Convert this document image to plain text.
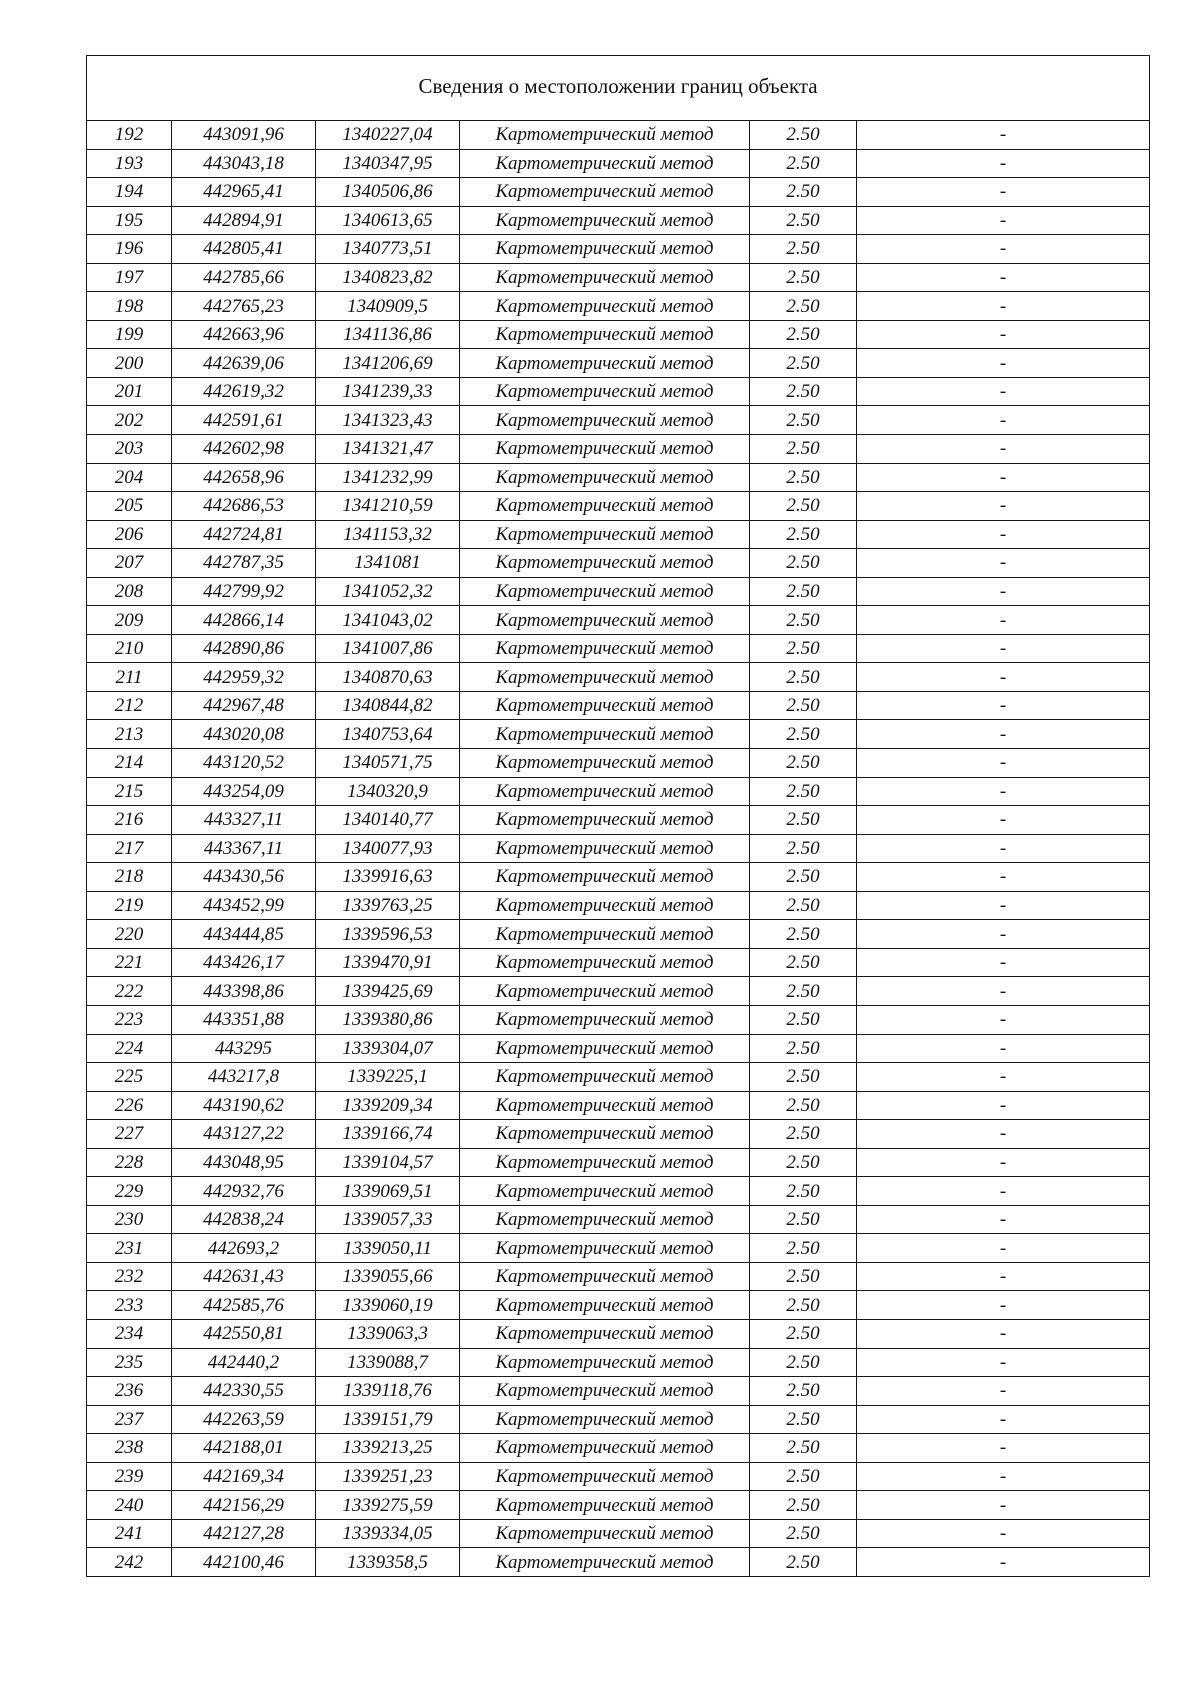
Сведения о местоположении границ объекта					
192	443091,96	1340227,04	Картометрический метод	2.50	-
193	443043,18	1340347,95	Картометрический метод	2.50	-
194	442965,41	1340506,86	Картометрический метод	2.50	-
195	442894,91	1340613,65	Картометрический метод	2.50	-
196	442805,41	1340773,51	Картометрический метод	2.50	-
197	442785,66	1340823,82	Картометрический метод	2.50	-
198	442765,23	1340909,5	Картометрический метод	2.50	-
199	442663,96	1341136,86	Картометрический метод	2.50	-
200	442639,06	1341206,69	Картометрический метод	2.50	-
201	442619,32	1341239,33	Картометрический метод	2.50	-
202	442591,61	1341323,43	Картометрический метод	2.50	-
203	442602,98	1341321,47	Картометрический метод	2.50	-
204	442658,96	1341232,99	Картометрический метод	2.50	-
205	442686,53	1341210,59	Картометрический метод	2.50	-
206	442724,81	1341153,32	Картометрический метод	2.50	-
207	442787,35	1341081	Картометрический метод	2.50	-
208	442799,92	1341052,32	Картометрический метод	2.50	-
209	442866,14	1341043,02	Картометрический метод	2.50	-
210	442890,86	1341007,86	Картометрический метод	2.50	-
211	442959,32	1340870,63	Картометрический метод	2.50	-
212	442967,48	1340844,82	Картометрический метод	2.50	-
213	443020,08	1340753,64	Картометрический метод	2.50	-
214	443120,52	1340571,75	Картометрический метод	2.50	-
215	443254,09	1340320,9	Картометрический метод	2.50	-
216	443327,11	1340140,77	Картометрический метод	2.50	-
217	443367,11	1340077,93	Картометрический метод	2.50	-
218	443430,56	1339916,63	Картометрический метод	2.50	-
219	443452,99	1339763,25	Картометрический метод	2.50	-
220	443444,85	1339596,53	Картометрический метод	2.50	-
221	443426,17	1339470,91	Картометрический метод	2.50	-
222	443398,86	1339425,69	Картометрический метод	2.50	-
223	443351,88	1339380,86	Картометрический метод	2.50	-
224	443295	1339304,07	Картометрический метод	2.50	-
225	443217,8	1339225,1	Картометрический метод	2.50	-
226	443190,62	1339209,34	Картометрический метод	2.50	-
227	443127,22	1339166,74	Картометрический метод	2.50	-
228	443048,95	1339104,57	Картометрический метод	2.50	-
229	442932,76	1339069,51	Картометрический метод	2.50	-
230	442838,24	1339057,33	Картометрический метод	2.50	-
231	442693,2	1339050,11	Картометрический метод	2.50	-
232	442631,43	1339055,66	Картометрический метод	2.50	-
233	442585,76	1339060,19	Картометрический метод	2.50	-
234	442550,81	1339063,3	Картометрический метод	2.50	-
235	442440,2	1339088,7	Картометрический метод	2.50	-
236	442330,55	1339118,76	Картометрический метод	2.50	-
237	442263,59	1339151,79	Картометрический метод	2.50	-
238	442188,01	1339213,25	Картометрический метод	2.50	-
239	442169,34	1339251,23	Картометрический метод	2.50	-
240	442156,29	1339275,59	Картометрический метод	2.50	-
241	442127,28	1339334,05	Картометрический метод	2.50	-
242	442100,46	1339358,5	Картометрический метод	2.50	-
